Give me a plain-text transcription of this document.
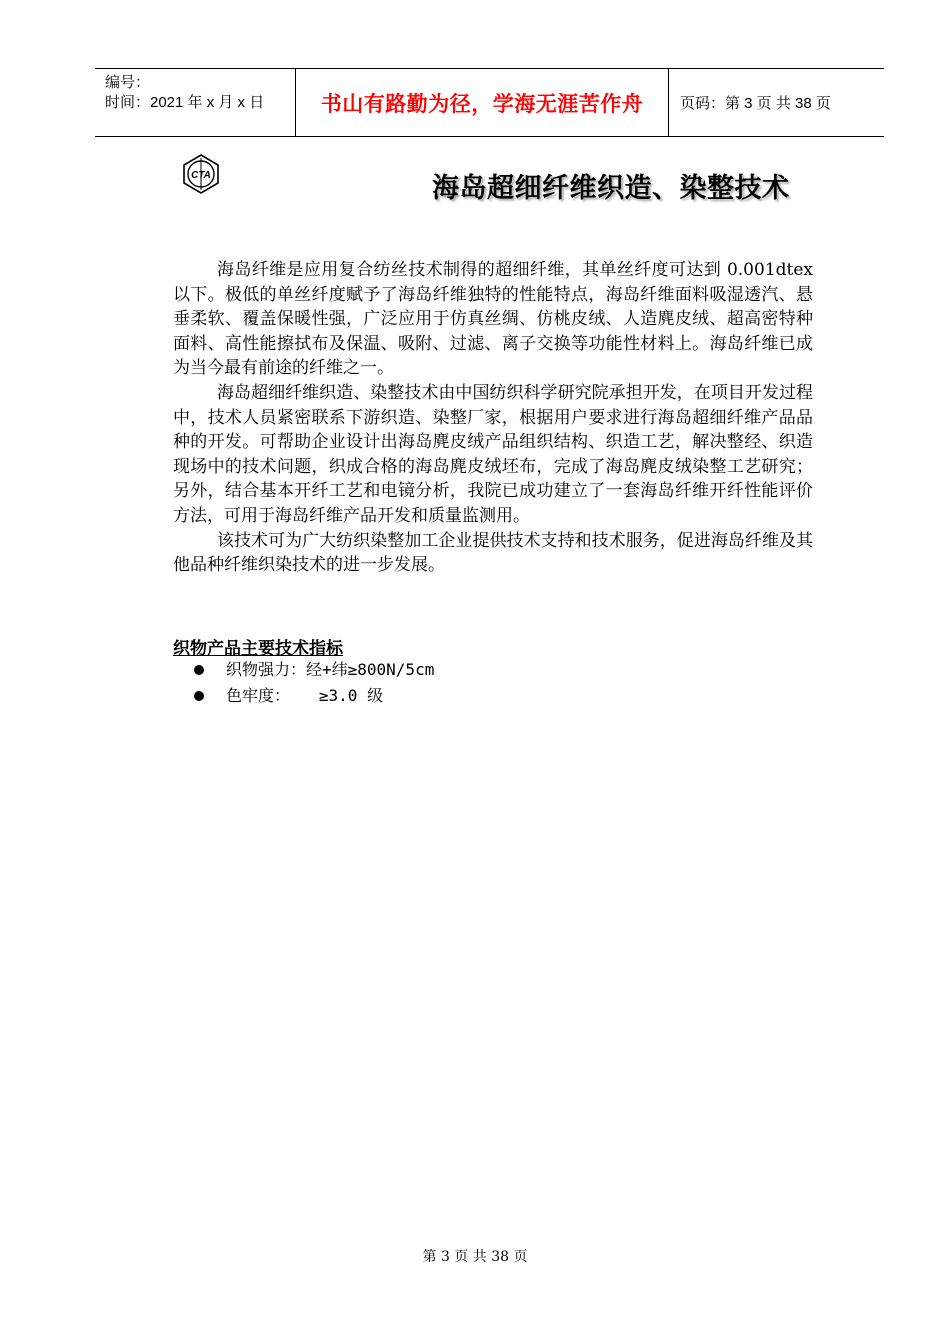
编号：
时间：2021 年 x 月 x 日	书山有路勤为径，学海无涯苦作舟	页码：第 3 页 共 38 页
CTA	海岛超细纤维织造、染整技术

海岛纤维是应用复合纺丝技术制得的超细纤维，其单丝纤度可达到 0.001dtex 以下。极低的单丝纤度赋予了海岛纤维独特的性能特点，海岛纤维面料吸湿透汽、悬垂柔软、覆盖保暖性强，广泛应用于仿真丝绸、仿桃皮绒、人造麂皮绒、超高密特种面料、高性能擦拭布及保温、吸附、过滤、离子交换等功能性材料上。海岛纤维已成为当今最有前途的纤维之一。

海岛超细纤维织造、染整技术由中国纺织科学研究院承担开发，在项目开发过程中，技术人员紧密联系下游织造、染整厂家，根据用户要求进行海岛超细纤维产品品种的开发。可帮助企业设计出海岛麂皮绒产品组织结构、织造工艺，解决整经、织造现场中的技术问题，织成合格的海岛麂皮绒坯布，完成了海岛麂皮绒染整工艺研究；另外，结合基本开纤工艺和电镜分析，我院已成功建立了一套海岛纤维开纤性能评价方法，可用于海岛纤维产品开发和质量监测用。

该技术可为广大纺织染整加工企业提供技术支持和技术服务，促进海岛纤维及其他品种纤维织染技术的进一步发展。

织物产品主要技术指标
织物强力：经+纬≥800N/5cm
色牢度：   ≥3.0 级
第 3 页 共 38 页
